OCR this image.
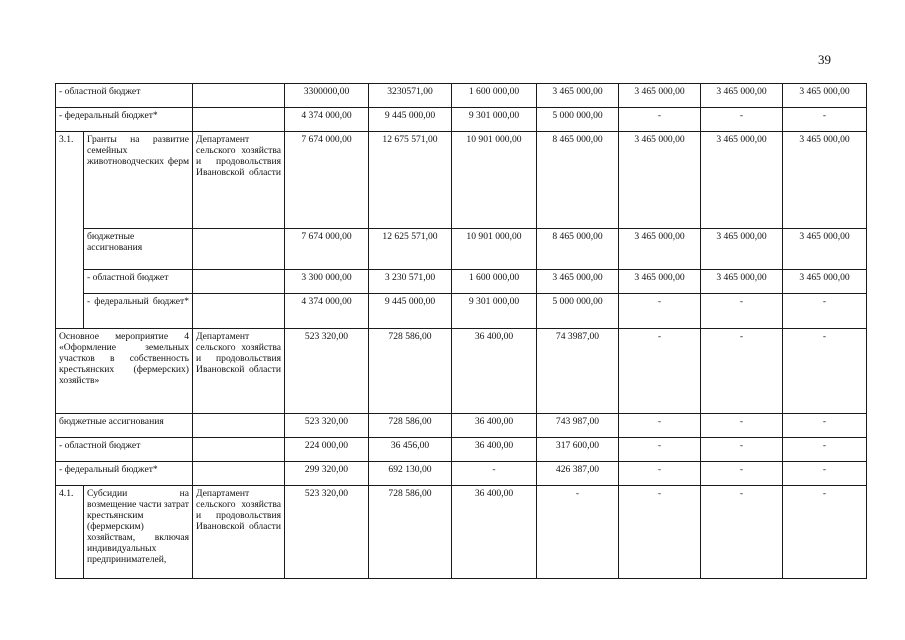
39
- областной бюджет			3300000,00	3230571,00	1 600 000,00	3 465 000,00	3 465 000,00	3 465 000,00	3 465 000,00
- федеральный бюджет*			4 374 000,00	9 445 000,00	9 301 000,00	5 000 000,00	-	-	-
3.1.	Гранты на развитие семейных животноводческих ферм	Департамент сельского хозяйства и продовольствия Ивановской области	7 674 000,00	12 675 571,00	10 901 000,00	8 465 000,00	3 465 000,00	3 465 000,00	3 465 000,00
	бюджетные ассигнования		7 674 000,00	12 625 571,00	10 901 000,00	8 465 000,00	3 465 000,00	3 465 000,00	3 465 000,00
	- областной бюджет		3 300 000,00	3 230 571,00	1 600 000,00	3 465 000,00	3 465 000,00	3 465 000,00	3 465 000,00
	- федеральный бюджет*		4 374 000,00	9 445 000,00	9 301 000,00	5 000 000,00	-	-	-
Основное мероприятие 4 «Оформление земельных участков в собственность крестьянских (фермерских) хозяйств»		Департамент сельского хозяйства и продовольствия Ивановской области	523 320,00	728 586,00	36 400,00	74 3987,00	-	-	-
бюджетные ассигнования			523 320,00	728 586,00	36 400,00	743 987,00	-	-	-
- областной бюджет			224 000,00	36 456,00	36 400,00	317 600,00	-	-	-
- федеральный бюджет*			299 320,00	692 130,00	-	426 387,00	-	-	-
4.1.	Субсидии на возмещение части затрат крестьянским (фермерским) хозяйствам, включая индивидуальных предпринимателей,	Департамент сельского хозяйства и продовольствия Ивановской области	523 320,00	728 586,00	36 400,00	-	-	-	-
